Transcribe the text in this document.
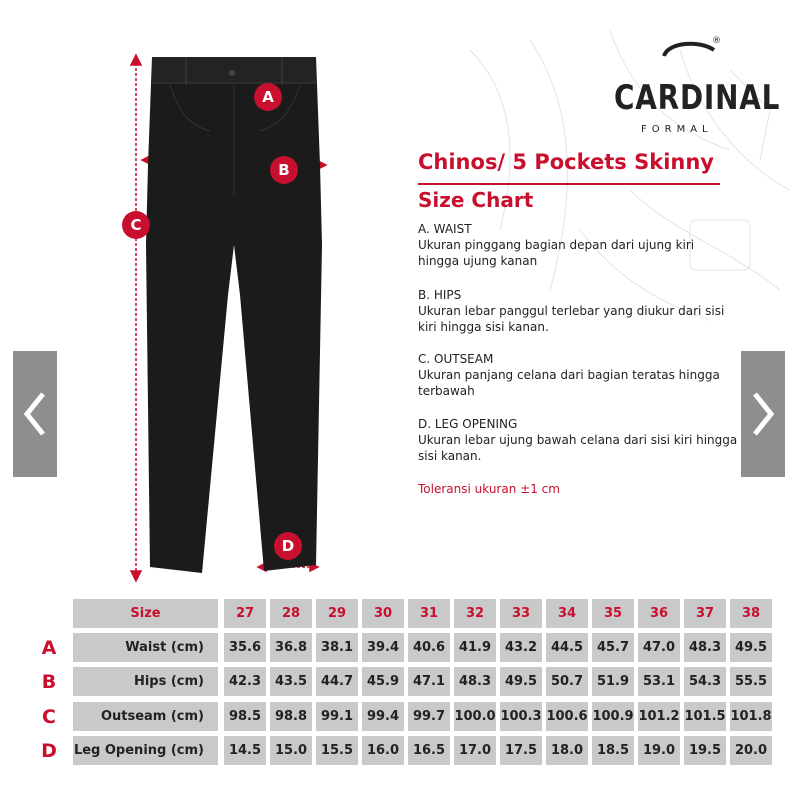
A
B
C
D
®
CARDINAL
FORMAL
Chinos/ 5 Pockets Skinny
Size Chart
A. WAIST
Ukuran pinggang bagian depan dari ujung kiri hingga ujung kanan
B. HIPS
Ukuran lebar panggul terlebar yang diukur dari sisi kiri hingga sisi kanan.
C. OUTSEAM
Ukuran panjang celana dari bagian teratas hingga terbawah
D. LEG OPENING
Ukuran lebar ujung bawah celana dari sisi kiri hingga sisi kanan.
Toleransi ukuran ±1 cm
Size	27	28	29	30	31	32	33	34	35	36	37	38
A	Waist (cm)	35.6	36.8	38.1	39.4	40.6	41.9	43.2	44.5	45.7	47.0	48.3	49.5
B	Hips (cm)	42.3	43.5	44.7	45.9	47.1	48.3	49.5	50.7	51.9	53.1	54.3	55.5
C	Outseam (cm)	98.5	98.8	99.1	99.4	99.7 100.0 100.3 100.6 100.9 101.2 101.5 101.8
D	Leg Opening (cm)	14.5	15.0	15.5	16.0	16.5	17.0	17.5	18.0	18.5	19.0	19.5	20.0
